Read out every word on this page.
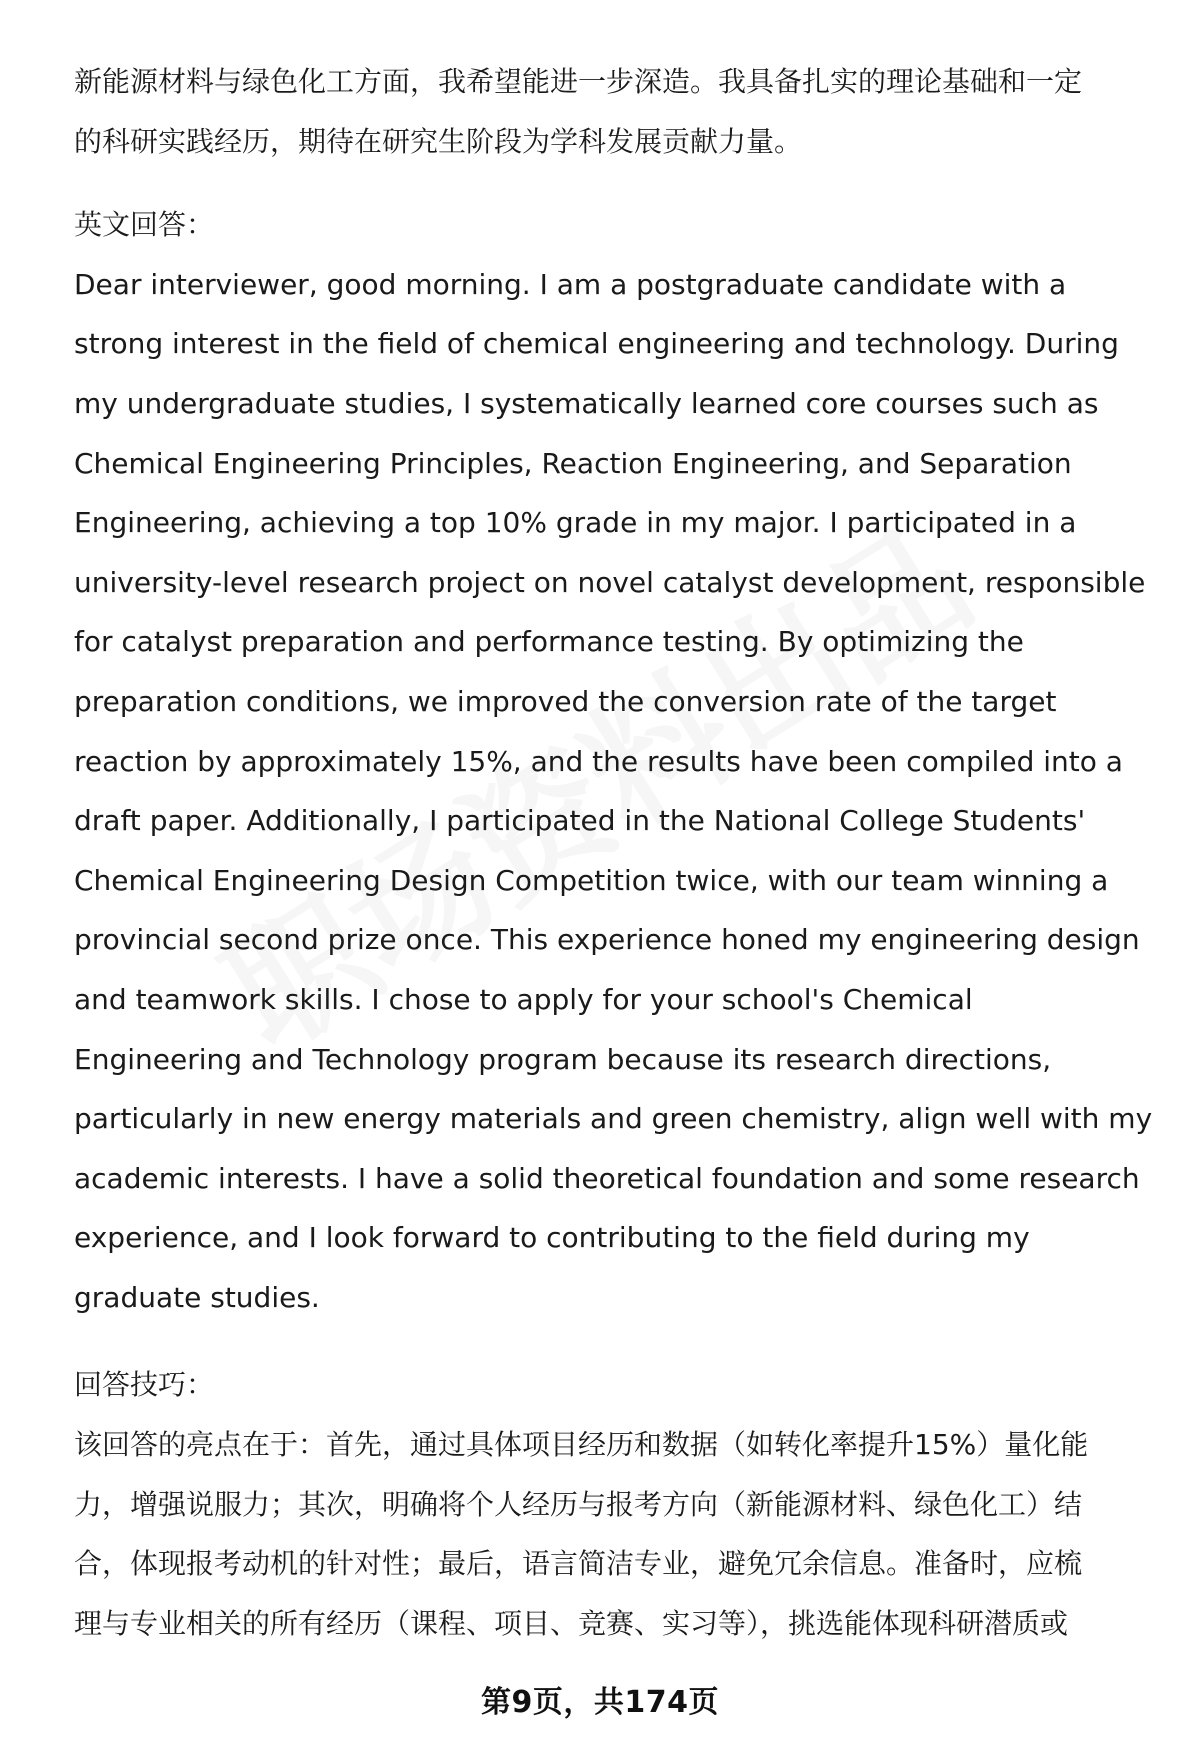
新能源材料与绿色化工方面，我希望能进一步深造。我具备扎实的理论基础和一定

的科研实践经历，期待在研究生阶段为学科发展贡献力量。

英文回答：

Dear interviewer, good morning. I am a postgraduate candidate with a

strong interest in the field of chemical engineering and technology. During

my undergraduate studies, I systematically learned core courses such as

Chemical Engineering Principles, Reaction Engineering, and Separation

Engineering, achieving a top 10% grade in my major. I participated in a

university-level research project on novel catalyst development, responsible

for catalyst preparation and performance testing. By optimizing the

preparation conditions, we improved the conversion rate of the target

reaction by approximately 15%, and the results have been compiled into a

draft paper. Additionally, I participated in the National College Students'

Chemical Engineering Design Competition twice, with our team winning a

provincial second prize once. This experience honed my engineering design

and teamwork skills. I chose to apply for your school's Chemical

Engineering and Technology program because its research directions,

particularly in new energy materials and green chemistry, align well with my

academic interests. I have a solid theoretical foundation and some research

experience, and I look forward to contributing to the field during my

graduate studies.

回答技巧：

该回答的亮点在于：首先，通过具体项目经历和数据（如转化率提升15%）量化能

力，增强说服力；其次，明确将个人经历与报考方向（新能源材料、绿色化工）结

合，体现报考动机的针对性；最后，语言简洁专业，避免冗余信息。准备时，应梳

理与专业相关的所有经历（课程、项目、竞赛、实习等），挑选能体现科研潜质或

第9页，共174页
